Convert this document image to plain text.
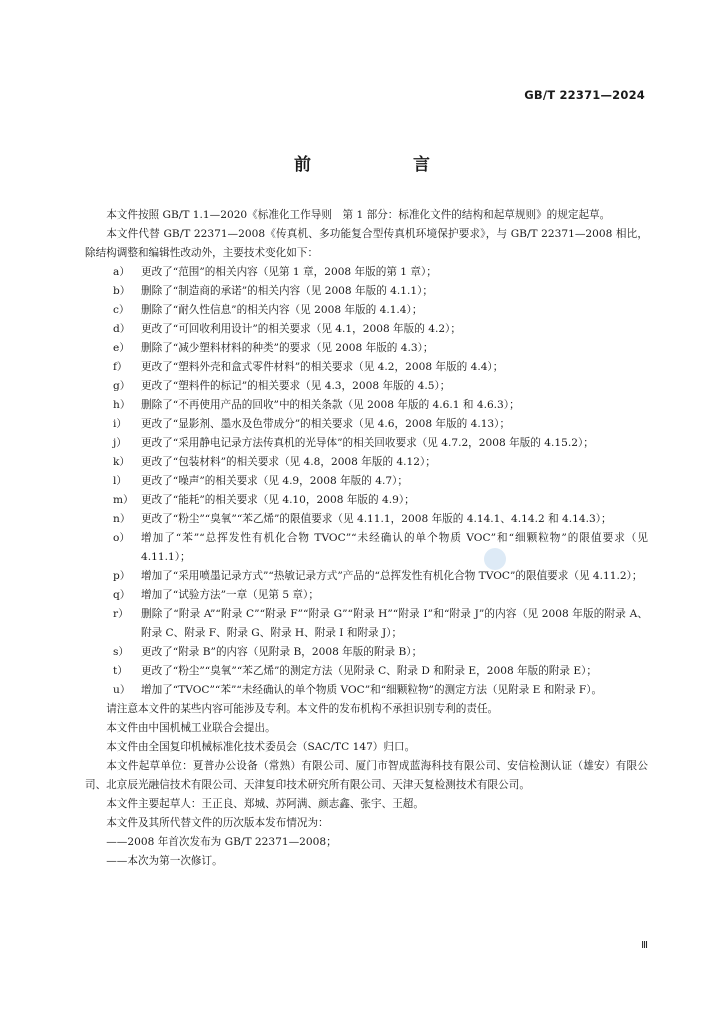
GB/T 22371—2024
前 言

本文件按照 GB/T 1.1—2020《标准化工作导则　第 1 部分：标准化文件的结构和起草规则》的规定起草。

本文件代替 GB/T 22371—2008《传真机、多功能复合型传真机环境保护要求》，与 GB/T 22371—2008 相比，除结构调整和编辑性改动外，主要技术变化如下：

a）	更改了“范围”的相关内容（见第 1 章，2008 年版的第 1 章）；
b）	删除了“制造商的承诺”的相关内容（见 2008 年版的 4.1.1）；
c）	删除了“耐久性信息”的相关内容（见 2008 年版的 4.1.4）；
d）	更改了“可回收利用设计”的相关要求（见 4.1，2008 年版的 4.2）；
e）	删除了“减少塑料材料的种类”的要求（见 2008 年版的 4.3）；
f）	更改了“塑料外壳和盒式零件材料”的相关要求（见 4.2，2008 年版的 4.4）；
g）	更改了“塑料件的标记”的相关要求（见 4.3，2008 年版的 4.5）；
h） 删除了“不再使用产品的回收”中的相关条款（见 2008 年版的 4.6.1 和 4.6.3）；
i）	更改了“显影剂、墨水及色带成分”的相关要求（见 4.6，2008 年版的 4.13）；
j）	更改了“采用静电记录方法传真机的光导体”的相关回收要求（见 4.7.2，2008 年版的 4.15.2）；
k）	更改了“包装材料”的相关要求（见 4.8，2008 年版的 4.12）；
l）	更改了“噪声”的相关要求（见 4.9，2008 年版的 4.7）；
m） 更改了“能耗”的相关要求（见 4.10，2008 年版的 4.9）；
n） 更改了“粉尘”“臭氧”“苯乙烯”的限值要求（见 4.11.1，2008 年版的 4.14.1、4.14.2 和 4.14.3）；
o）	增加了“苯”“总挥发性有机化合物 TVOC”“未经确认的单个物质 VOC”和“细颗粒物”的限值要求（见 4.11.1）；
p）	增加了“采用喷墨记录方式”“热敏记录方式”产品的“总挥发性有机化合物 TVOC”的限值要求（见 4.11.2）；
q）	增加了“试验方法”一章（见第 5 章）；
r）	删除了“附录 A”“附录 C”“附录 F”“附录 G”“附录 H”“附录 I”和“附录 J”的内容（见 2008 年版的附录 A、附录 C、附录 F、附录 G、附录 H、附录 I 和附录 J）；
s）	更改了“附录 B”的内容（见附录 B，2008 年版的附录 B）；
t）	更改了“粉尘”“臭氧”“苯乙烯”的测定方法（见附录 C、附录 D 和附录 E，2008 年版的附录 E）；
u） 增加了“TVOC”“苯”“未经确认的单个物质 VOC”和“细颗粒物”的测定方法（见附录 E 和附录 F）。

请注意本文件的某些内容可能涉及专利。本文件的发布机构不承担识别专利的责任。

本文件由中国机械工业联合会提出。

本文件由全国复印机械标准化技术委员会（SAC/TC 147）归口。

本文件起草单位：夏普办公设备（常熟）有限公司、厦门市智成蓝海科技有限公司、安信检测认证（雄安）有限公司、北京辰光融信技术有限公司、天津复印技术研究所有限公司、天津天复检测技术有限公司。

本文件主要起草人：王正良、郑城、苏阿满、颜志鑫、张宇、王超。

本文件及其所代替文件的历次版本发布情况为：

——2008 年首次发布为 GB/T 22371—2008；

——本次为第一次修订。

Ⅲ
